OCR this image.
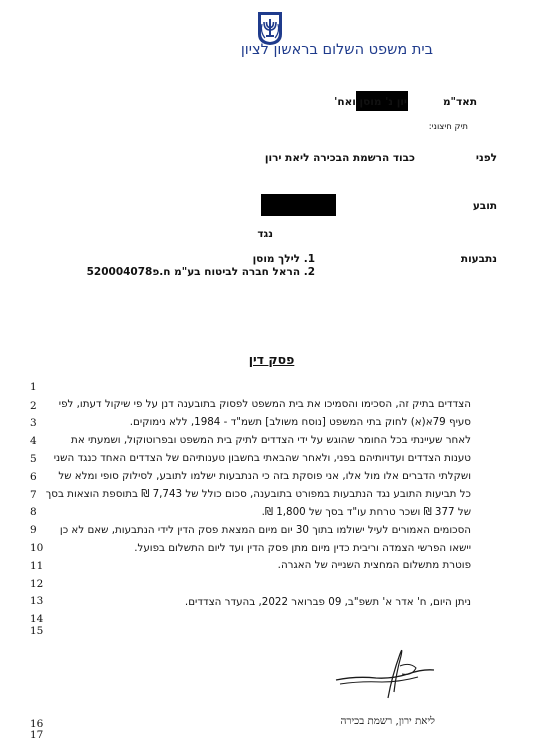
בית משפט השלום בראשון לציון
תאד"מ
יון נ' מוסן ואח'
תיק חיצוני:
לפני
כבוד הרשמת הבכירה ליאת ירון
תובע
נגד
נתבעות
1. לילך מוסן
2. הראל חברה לביטוח בע"מ ח.פ520004078
פסק דין
1
2
3
4
5
6
7
8
9
10
11
12
13
14
15
16
17
הצדדים בתיק זה, הסכימו והסמיכו את בית המשפט לפסוק בתובענה דנן על פי שיקול דעתו, לפי
סעיף 79א(א) לחוק בתי המשפט [נוסח משולב] תשמ"ד - 1984, ללא נימוקים.
לאחר שעיינתי בכל החומר שהוגש על ידי הצדדים לתיק בית המשפט ובפרוטוקול, ושמעתי את
טענות הצדדים ועדויותיהם בפני, ולאחר שהבאתי בחשבון טענותיהם של הצדדים האחד כנגד השני
ושקלתי הדברים אלו מול אלו, אני פוסקת בזה כי הנתבעות ישלמו לתובע, לסילוק סופי ומלא של
כל תביעות התובע נגד הנתבעות במפורט בתובענה, סכום כולל של 7,743 ₪ בתוספת הוצאות בסך
של 377 ₪ ושכר טרחת עו"ד בסך של 1,800 ₪.
הסכומים האמורים לעיל ישולמו בתוך 30 יום מיום המצאת פסק הדין לידי הנתבעות, שאם לא כן
יישאו הפרשי הצמדה וריבית כדין מיום מתן פסק הדין ועד ליום התשלום בפועל.
פוטרת מתשלום המחצית השנייה של האגרה.
ניתן היום, ח' אדר א' תשפ"ב, 09 פברואר 2022, בהעדר הצדדים.
ליאת ירון, רשמת בכירה
